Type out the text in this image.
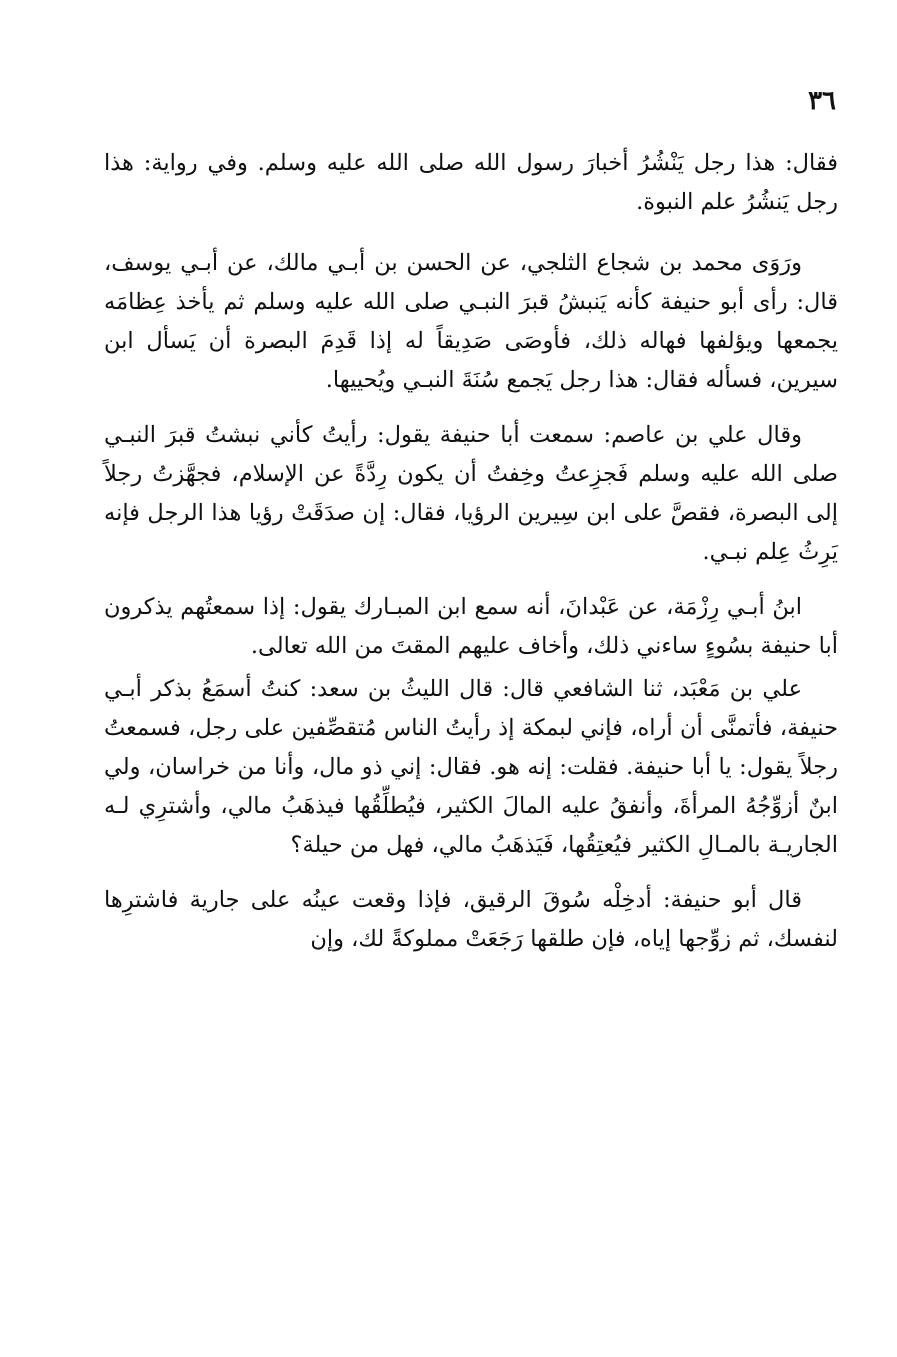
٣٦

فقال: هذا رجل يَنْشُرُ أخبارَ رسول الله صلى الله عليه وسلم. وفي رواية: هذا رجل يَنشُرُ علم النبوة.

ورَوَى محمد بن شجاع الثلجي، عن الحسن بن أبـي مالك، عن أبـي يوسف، قال: رأى أبو حنيفة كأنه يَنبشُ قبرَ النبـي صلى الله عليه وسلم ثم يأخذ عِظامَه يجمعها ويؤلفها فهاله ذلك، فأوصَى صَدِيقاً له إذا قَدِمَ البصرة أن يَسأل ابن سيرين، فسأله فقال: هذا رجل يَجمع سُنَةَ النبـي ويُحييها.

وقال علي بن عاصم: سمعت أبا حنيفة يقول: رأيتُ كأني نبشتُ قبرَ النبـي صلى الله عليه وسلم فَجزِعتُ وخِفتُ أن يكون رِدَّةً عن الإسلام، فجهَّزتُ رجلاً إلى البصرة، فقصَّ على ابن سِيرين الرؤيا، فقال: إن صدَقَتْ رؤيا هذا الرجل فإنه يَرِثُ عِلم نبـي.

ابنُ أبـي رِزْمَة، عن عَبْدانَ، أنه سمع ابن المبـارك يقول: إذا سمعتُهم يذكرون أبا حنيفة بسُوءٍ ساءني ذلك، وأخاف عليهم المقتَ من الله تعالى.

علي بن مَعْبَد، ثنا الشافعي قال: قال الليثُ بن سعد: كنتُ أسمَعُ بذكر أبـي حنيفة، فأتمنَّى أن أراه، فإني لبمكة إذ رأيتُ الناس مُتقصِّفين على رجل، فسمعتُ رجلاً يقول: يا أبا حنيفة. فقلت: إنه هو. فقال: إني ذو مال، وأنا من خراسان، ولي ابنٌ أزوِّجُهُ المرأةَ، وأنفقُ عليه المالَ الكثير، فيُطلِّقُها فيذهَبُ مالي، وأشترِي لـه الجاريـة بالمـالِ الكثير فيُعتِقُها، فَيَذهَبُ مالي، فهل من حيلة؟

قال أبو حنيفة: أدخِلْه سُوقَ الرقيق، فإذا وقعت عينُه على جارية فاشترِها لنفسك، ثم زوِّجها إياه، فإن طلقها رَجَعَتْ مملوكةً لك، وإن
